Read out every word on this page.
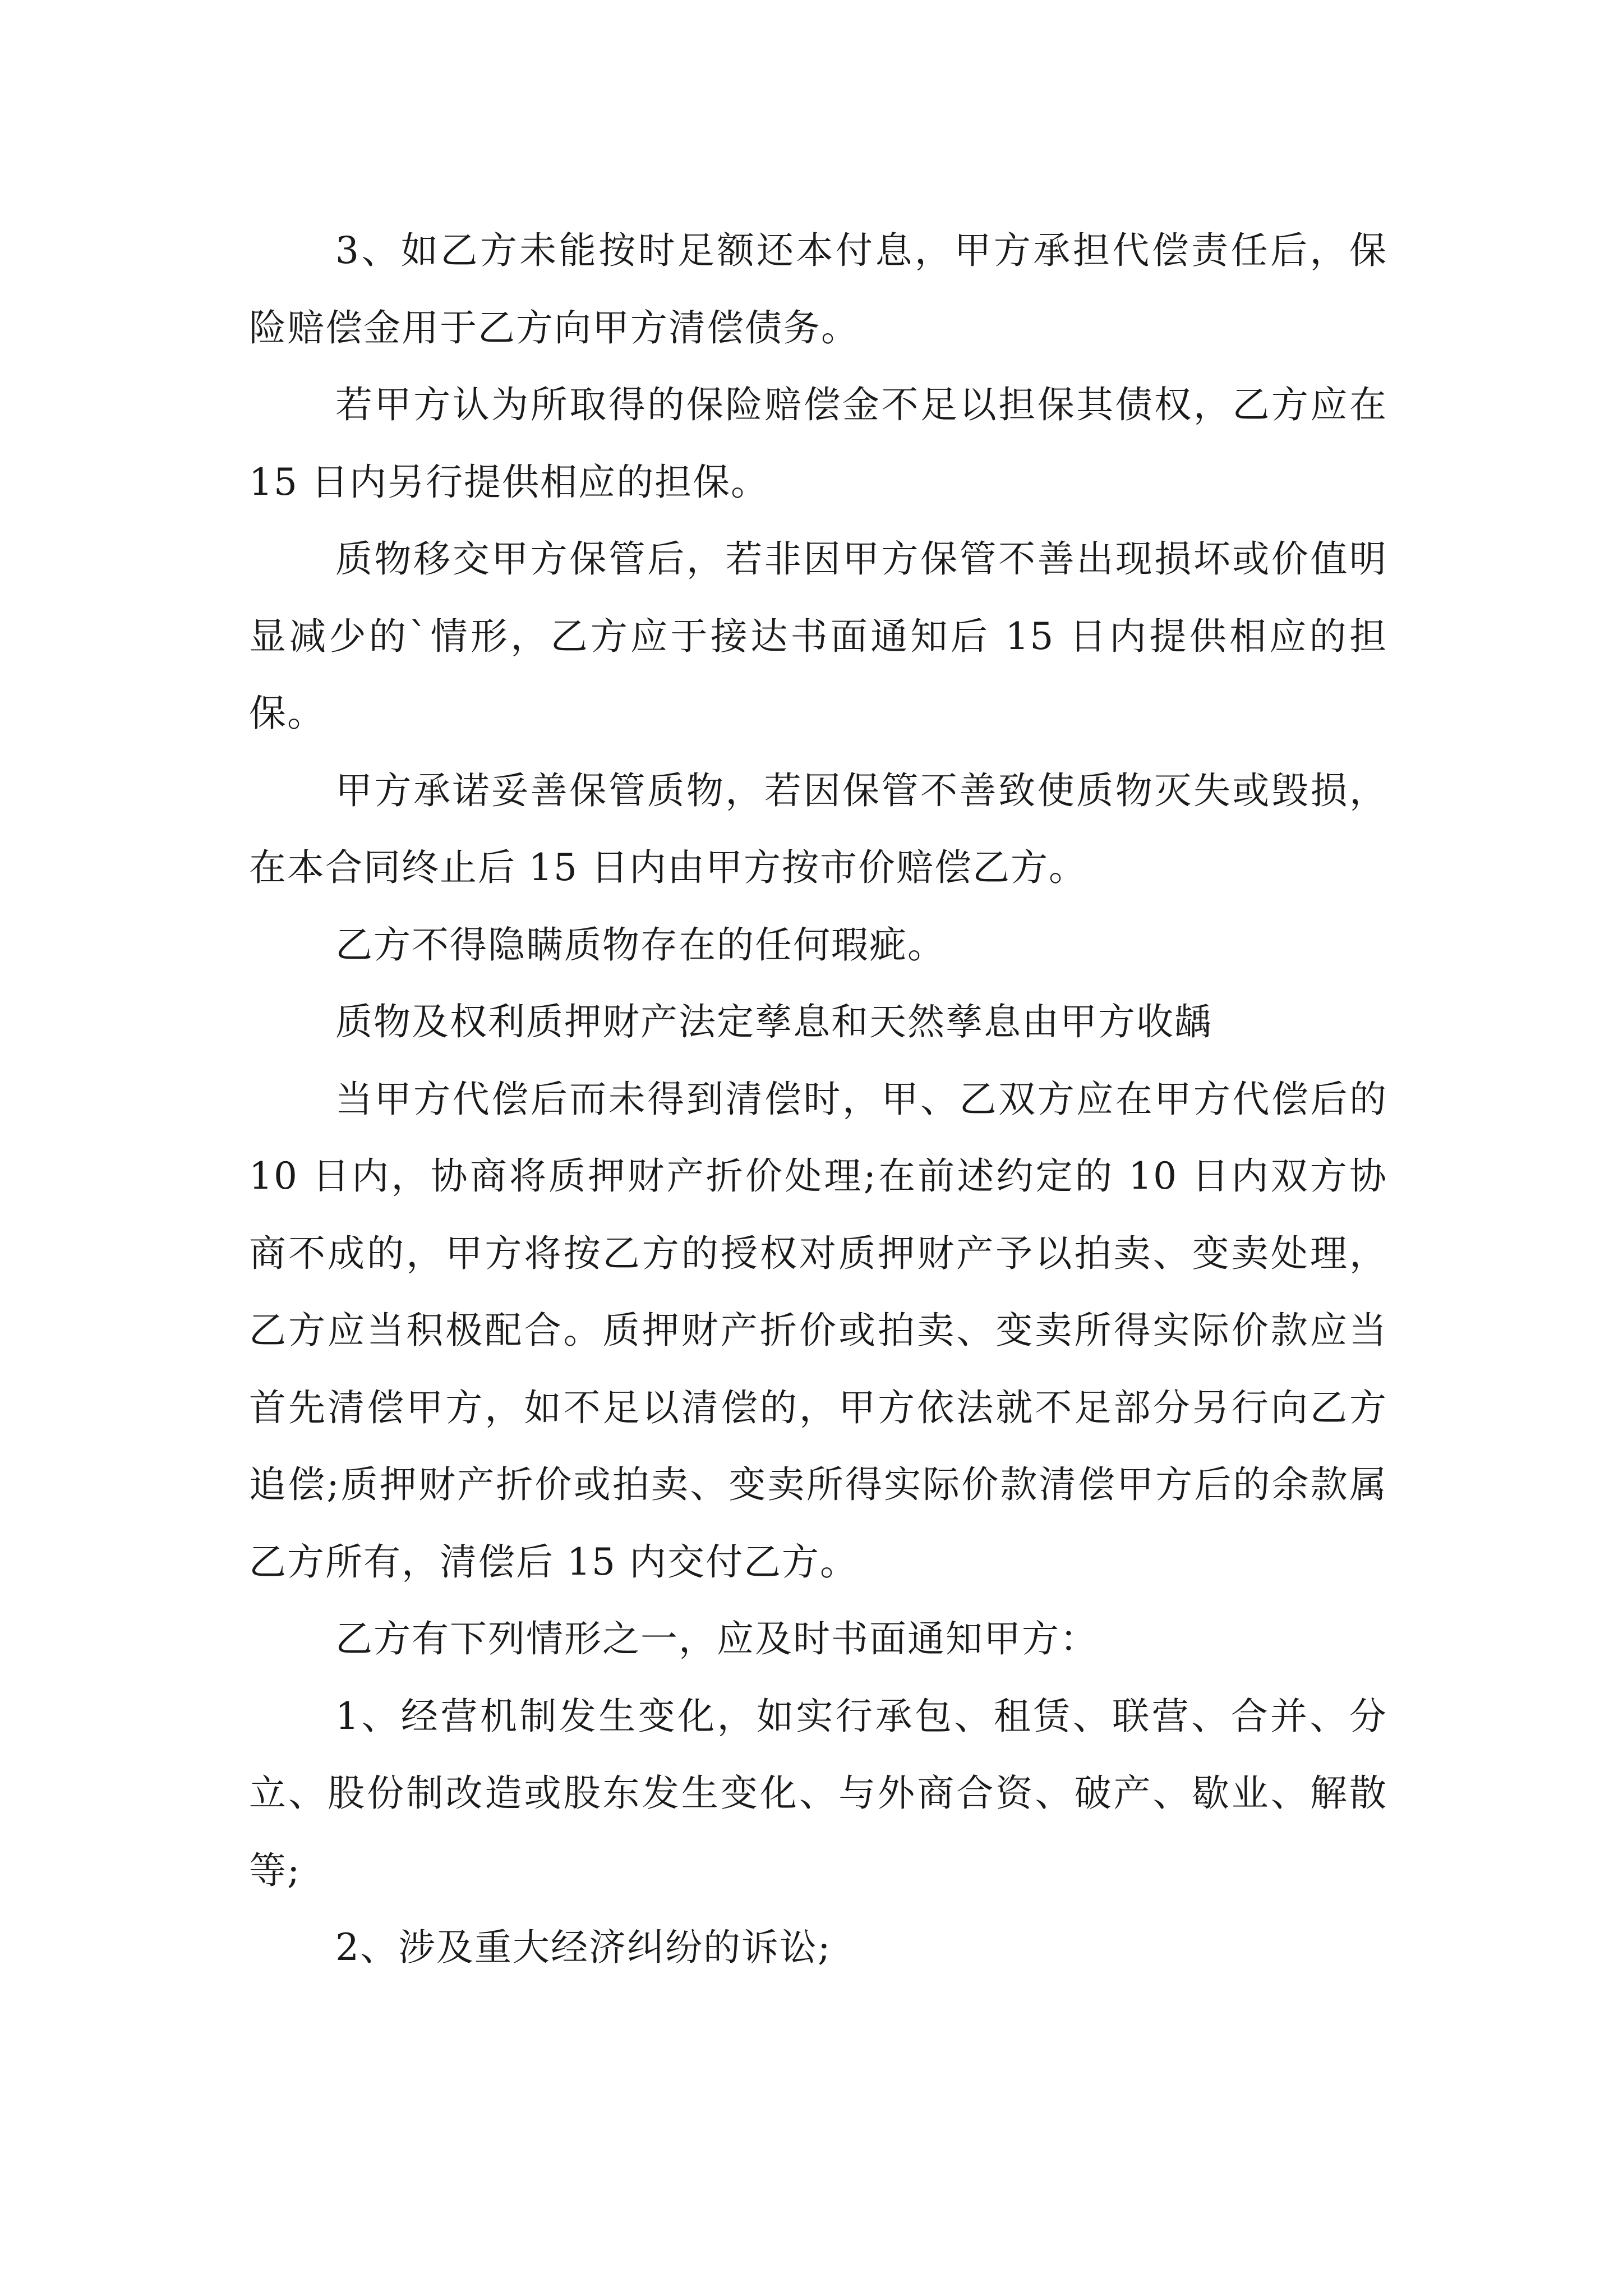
3、如乙方未能按时足额还本付息，甲方承担代偿责任后，保险赔偿金用于乙方向甲方清偿债务。

若甲方认为所取得的保险赔偿金不足以担保其债权，乙方应在 15 日内另行提供相应的担保。

质物移交甲方保管后，若非因甲方保管不善出现损坏或价值明显减少的`情形，乙方应于接达书面通知后 15 日内提供相应的担保。

甲方承诺妥善保管质物，若因保管不善致使质物灭失或毁损，在本合同终止后 15 日内由甲方按市价赔偿乙方。

乙方不得隐瞒质物存在的任何瑕疵。

质物及权利质押财产法定孳息和天然孳息由甲方收龋

当甲方代偿后而未得到清偿时，甲、乙双方应在甲方代偿后的 10 日内，协商将质押财产折价处理;在前述约定的 10 日内双方协商不成的，甲方将按乙方的授权对质押财产予以拍卖、变卖处理，乙方应当积极配合。质押财产折价或拍卖、变卖所得实际价款应当首先清偿甲方，如不足以清偿的，甲方依法就不足部分另行向乙方追偿;质押财产折价或拍卖、变卖所得实际价款清偿甲方后的余款属乙方所有，清偿后 15 内交付乙方。

乙方有下列情形之一，应及时书面通知甲方：

1、经营机制发生变化，如实行承包、租赁、联营、合并、分立、股份制改造或股东发生变化、与外商合资、破产、歇业、解散等;

2、涉及重大经济纠纷的诉讼;
